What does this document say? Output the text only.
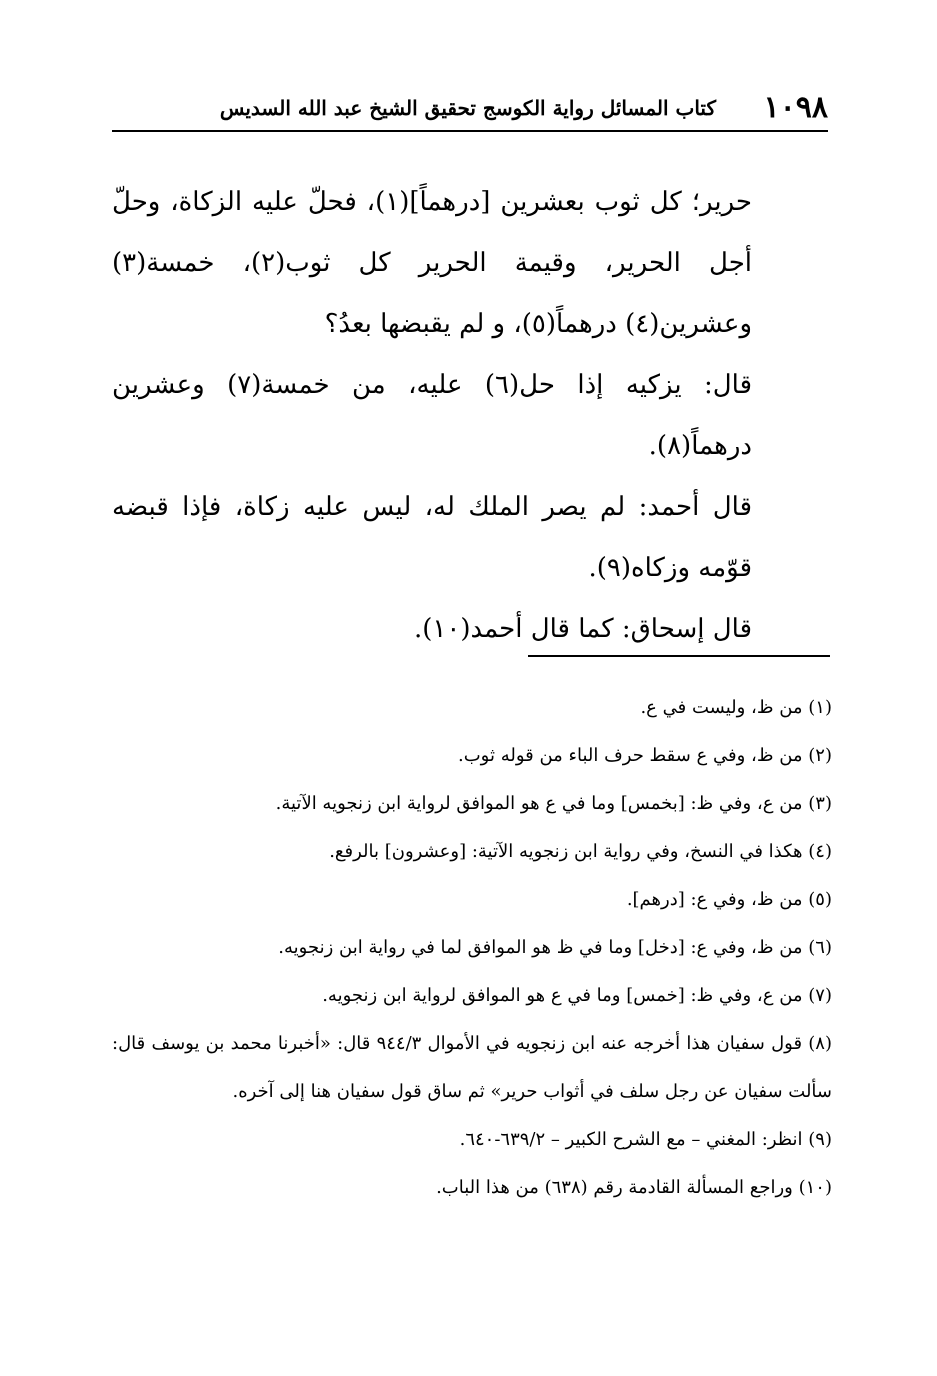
١٠٩٨
كتاب المسائل رواية الكوسج تحقيق الشيخ عبد الله السديس

حرير؛ كل ثوب بعشرين [درهماً](١)، فحلّ عليه الزكاة، وحلّ أجل الحرير، وقيمة الحرير كل ثوب(٢)، خمسة(٣) وعشرين(٤) درهماً(٥)، و لم يقبضها بعدُ؟

قال: يزكيه إذا حل(٦) عليه، من خمسة(٧) وعشرين درهماً(٨).

قال أحمد: لم يصر الملك له، ليس عليه زكاة، فإذا قبضه قوّمه وزكاه(٩).

قال إسحاق: كما قال أحمد(١٠).

(١) من ظ، وليست في ع.

(٢) من ظ، وفي ع سقط حرف الباء من قوله ثوب.

(٣) من ع، وفي ظ: [بخمس] وما في ع هو الموافق لرواية ابن زنجويه الآتية.

(٤) هكذا في النسخ، وفي رواية ابن زنجويه الآتية: [وعشرون] بالرفع.

(٥) من ظ، وفي ع: [درهم].

(٦) من ظ، وفي ع: [دخل] وما في ظ هو الموافق لما في رواية ابن زنجويه.

(٧) من ع، وفي ظ: [خمس] وما في ع هو الموافق لرواية ابن زنجويه.

(٨) قول سفيان هذا أخرجه عنه ابن زنجويه في الأموال ٩٤٤/٣ قال: «أخبرنا محمد بن يوسف قال: سألت سفيان عن رجل سلف في أثواب حرير» ثم ساق قول سفيان هنا إلى آخره.

(٩) انظر: المغني – مع الشرح الكبير – ٦٣٩/٢-٦٤٠.

(١٠) وراجع المسألة القادمة رقم (٦٣٨) من هذا الباب.
